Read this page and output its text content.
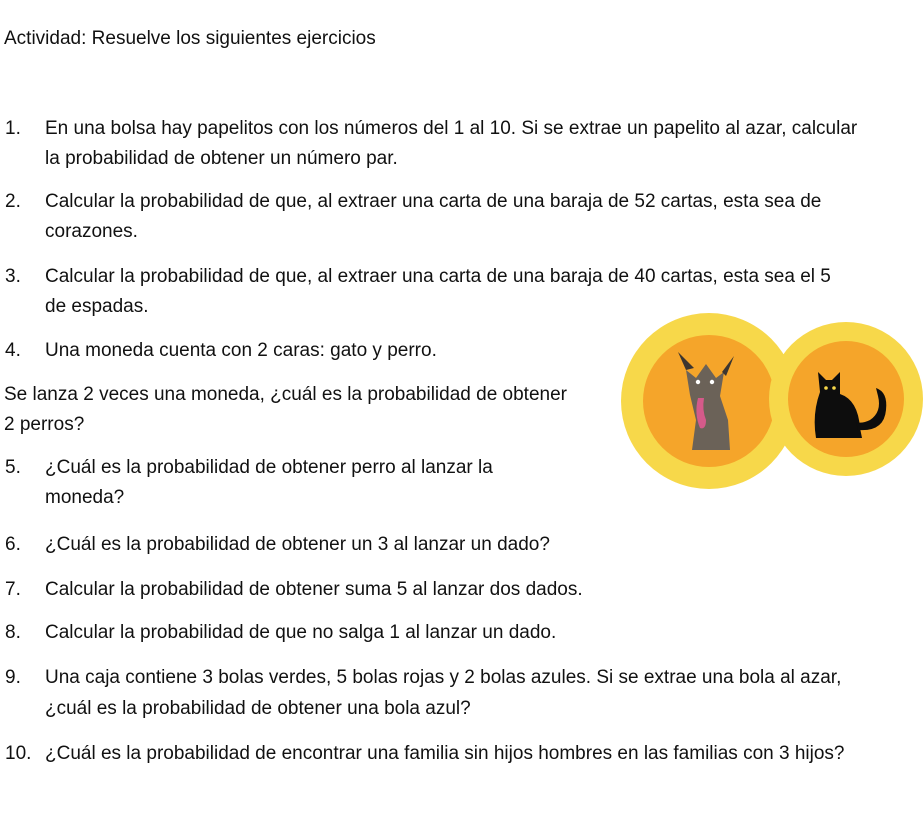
Actividad: Resuelve los siguientes ejercicios
1. En una bolsa hay papelitos con los números del 1 al 10. Si se extrae un papelito al azar, calcular
la probabilidad de obtener un número par.
2. Calcular la probabilidad de que, al extraer una carta de una baraja de 52 cartas, esta sea de
corazones.
3. Calcular la probabilidad de que, al extraer una carta de una baraja de 40 cartas, esta sea el 5
de espadas.
4. Una moneda cuenta con 2 caras: gato y perro.
Se lanza 2 veces una moneda, ¿cuál es la probabilidad de obtener
2 perros?
5. ¿Cuál es la probabilidad de obtener perro al lanzar la
moneda?
6. ¿Cuál es la probabilidad de obtener un 3 al lanzar un dado?
7. Calcular la probabilidad de obtener suma 5 al lanzar dos dados.
8. Calcular la probabilidad de que no salga 1 al lanzar un dado.
9. Una caja contiene 3 bolas verdes, 5 bolas rojas y 2 bolas azules. Si se extrae una bola al azar,
¿cuál es la probabilidad de obtener una bola azul?
10. ¿Cuál es la probabilidad de encontrar una familia sin hijos hombres en las familias con 3 hijos?
